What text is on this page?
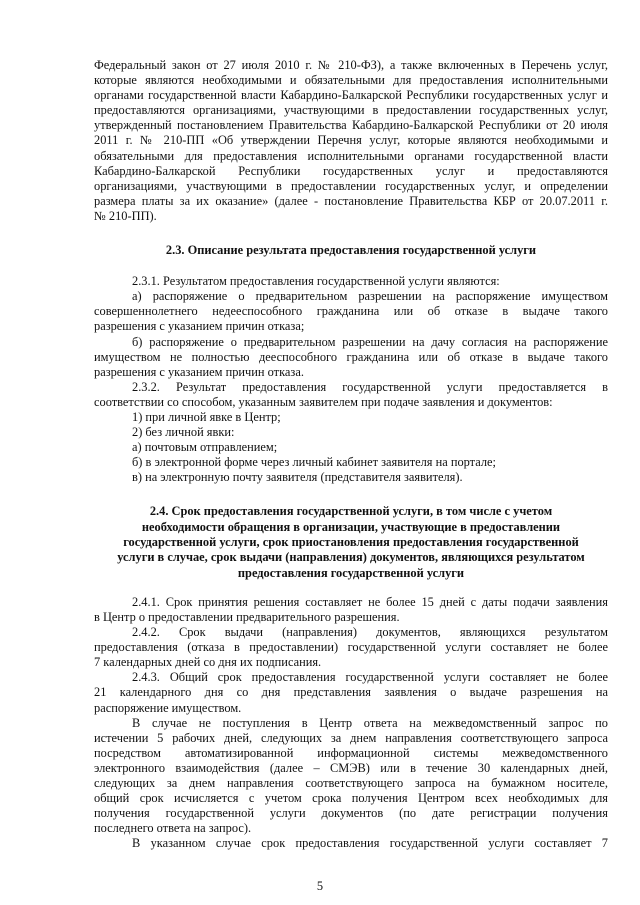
Федеральный закон от 27 июля 2010 г. № 210-ФЗ), а также включенных в Перечень услуг,

которые являются необходимыми и обязательными для предоставления исполнительными

органами государственной власти Кабардино-Балкарской Республики государственных услуг и

предоставляются организациями, участвующими в предоставлении государственных услуг,

утвержденный постановлением Правительства Кабардино-Балкарской Республики от 20 июля

2011 г. № 210-ПП «Об утверждении Перечня услуг, которые являются необходимыми и

обязательными для предоставления исполнительными органами государственной власти

Кабардино-Балкарской Республики государственных услуг и предоставляются

организациями, участвующими в предоставлении государственных услуг, и определении

размера платы за их оказание» (далее - постановление Правительства КБР от 20.07.2011 г.

№ 210-ПП).

2.3. Описание результата предоставления государственной услуги

2.3.1. Результатом предоставления государственной услуги являются:

а) распоряжение о предварительном разрешении на распоряжение имуществом

совершеннолетнего недееспособного гражданина или об отказе в выдаче такого

разрешения с указанием причин отказа;

б) распоряжение о предварительном разрешении на дачу согласия на распоряжение

имуществом не полностью дееспособного гражданина или об отказе в выдаче такого

разрешения с указанием причин отказа.

2.3.2. Результат предоставления государственной услуги предоставляется в

соответствии со способом, указанным заявителем при подаче заявления и документов:

1) при личной явке в Центр;

2) без личной явки:

а) почтовым отправлением;

б) в электронной форме через личный кабинет заявителя на портале;

в) на электронную почту заявителя (представителя заявителя).

2.4. Срок предоставления государственной услуги, в том числе с учетом
необходимости обращения в организации, участвующие в предоставлении
государственной услуги, срок приостановления предоставления государственной
услуги в случае, срок выдачи (направления) документов, являющихся результатом
предоставления государственной услуги

2.4.1. Срок принятия решения составляет не более 15 дней с даты подачи заявления

в Центр о предоставлении предварительного разрешения.

2.4.2. Срок выдачи (направления) документов, являющихся результатом

предоставления (отказа в предоставлении) государственной услуги составляет не более

7 календарных дней со дня их подписания.

2.4.3. Общий срок предоставления государственной услуги составляет не более

21 календарного дня со дня представления заявления о выдаче разрешения на

распоряжение имуществом.

В случае не поступления в Центр ответа на межведомственный запрос по

истечении 5 рабочих дней, следующих за днем направления соответствующего запроса

посредством автоматизированной информационной системы межведомственного

электронного взаимодействия (далее – СМЭВ) или в течение 30 календарных дней,

следующих за днем направления соответствующего запроса на бумажном носителе,

общий срок исчисляется с учетом срока получения Центром всех необходимых для

получения государственной услуги документов (по дате регистрации получения

последнего ответа на запрос).

В указанном случае срок предоставления государственной услуги составляет 7

5
